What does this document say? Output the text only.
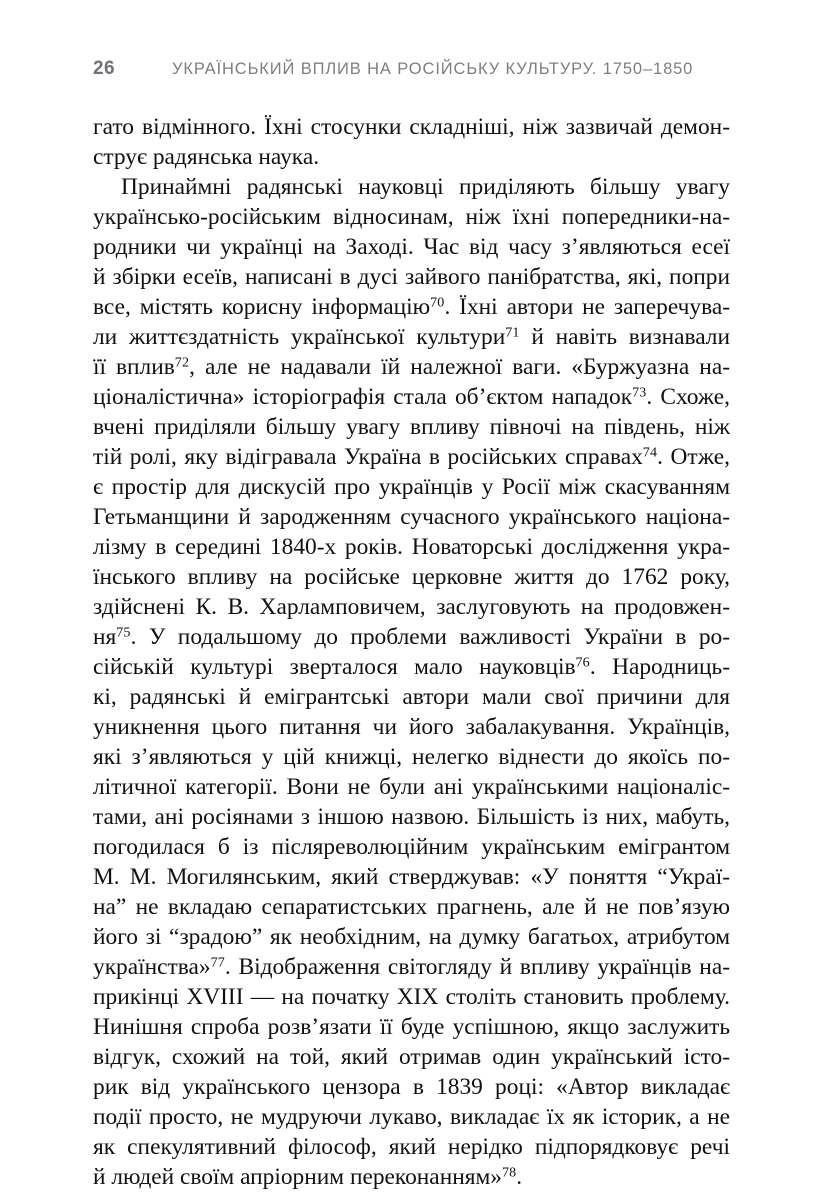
26	УКРАЇНСЬКИЙ ВПЛИВ НА РОСІЙСЬКУ КУЛЬТУРУ. 1750–1850
гато відмінного. Їхні стосунки складніші, ніж зазвичай демон-
струє радянська наука.
Принаймні радянські науковці приділяють більшу увагу
українсько-російським відносинам, ніж їхні попередники-на-
родники чи українці на Заході. Час від часу з’являються есеї
й збірки есеїв, написані в дусі зайвого панібратства, які, попри
все, містять корисну інформацію$^{70}$. Їхні автори не заперечува-
ли життєздатність української культури$^{71}$ й навіть визнавали
її вплив$^{72}$, але не надавали їй належної ваги. «Буржуазна на-
ціоналістична» історіографія стала об’єктом нападок$^{73}$. Схоже,
вчені приділяли більшу увагу впливу півночі на південь, ніж
тій ролі, яку відігравала Україна в російських справах$^{74}$. Отже,
є простір для дискусій про українців у Росії між скасуванням
Гетьманщини й зародженням сучасного українського націона-
лізму в середині 1840-х років. Новаторські дослідження укра-
їнського впливу на російське церковне життя до 1762 року,
здійснені К. В. Харламповичем, заслуговують на продовжен-
$ня^{75}$. У подальшому до проблеми важливості України в ро-
сійській культурі зверталося мало науковців$^{76}$. Народниць-
кі, радянські й емігрантські автори мали свої причини для
уникнення цього питання чи його забалакування. Українців,
які з’являються у цій книжці, нелегко віднести до якоїсь по-
літичної категорії. Вони не були ані українськими націоналіс-
тами, ані росіянами з іншою назвою. Більшість із них, мабуть,
погодилася б із післяреволюційним українським емігрантом
М. М. Могилянським, який стверджував: «У поняття “Украї-
на” не вкладаю сепаратистських прагнень, але й не пов’язую
його зі “зрадою” як необхідним, на думку багатьох, атрибутом
українства»$^{77}$. Відображення світогляду й впливу українців на-
прикінці XVIII — на початку XIX століть становить проблему.
Нинішня спроба розв’язати її буде успішною, якщо заслужить
відгук, схожий на той, який отримав один український істо-
рик від українського цензора в 1839 році: «Автор викладає
події просто, не мудруючи лукаво, викладає їх як історик, а не
як спекулятивний філософ, який нерідко підпорядковує речі
й людей своїм апріорним переконанням»$^{78}$.
